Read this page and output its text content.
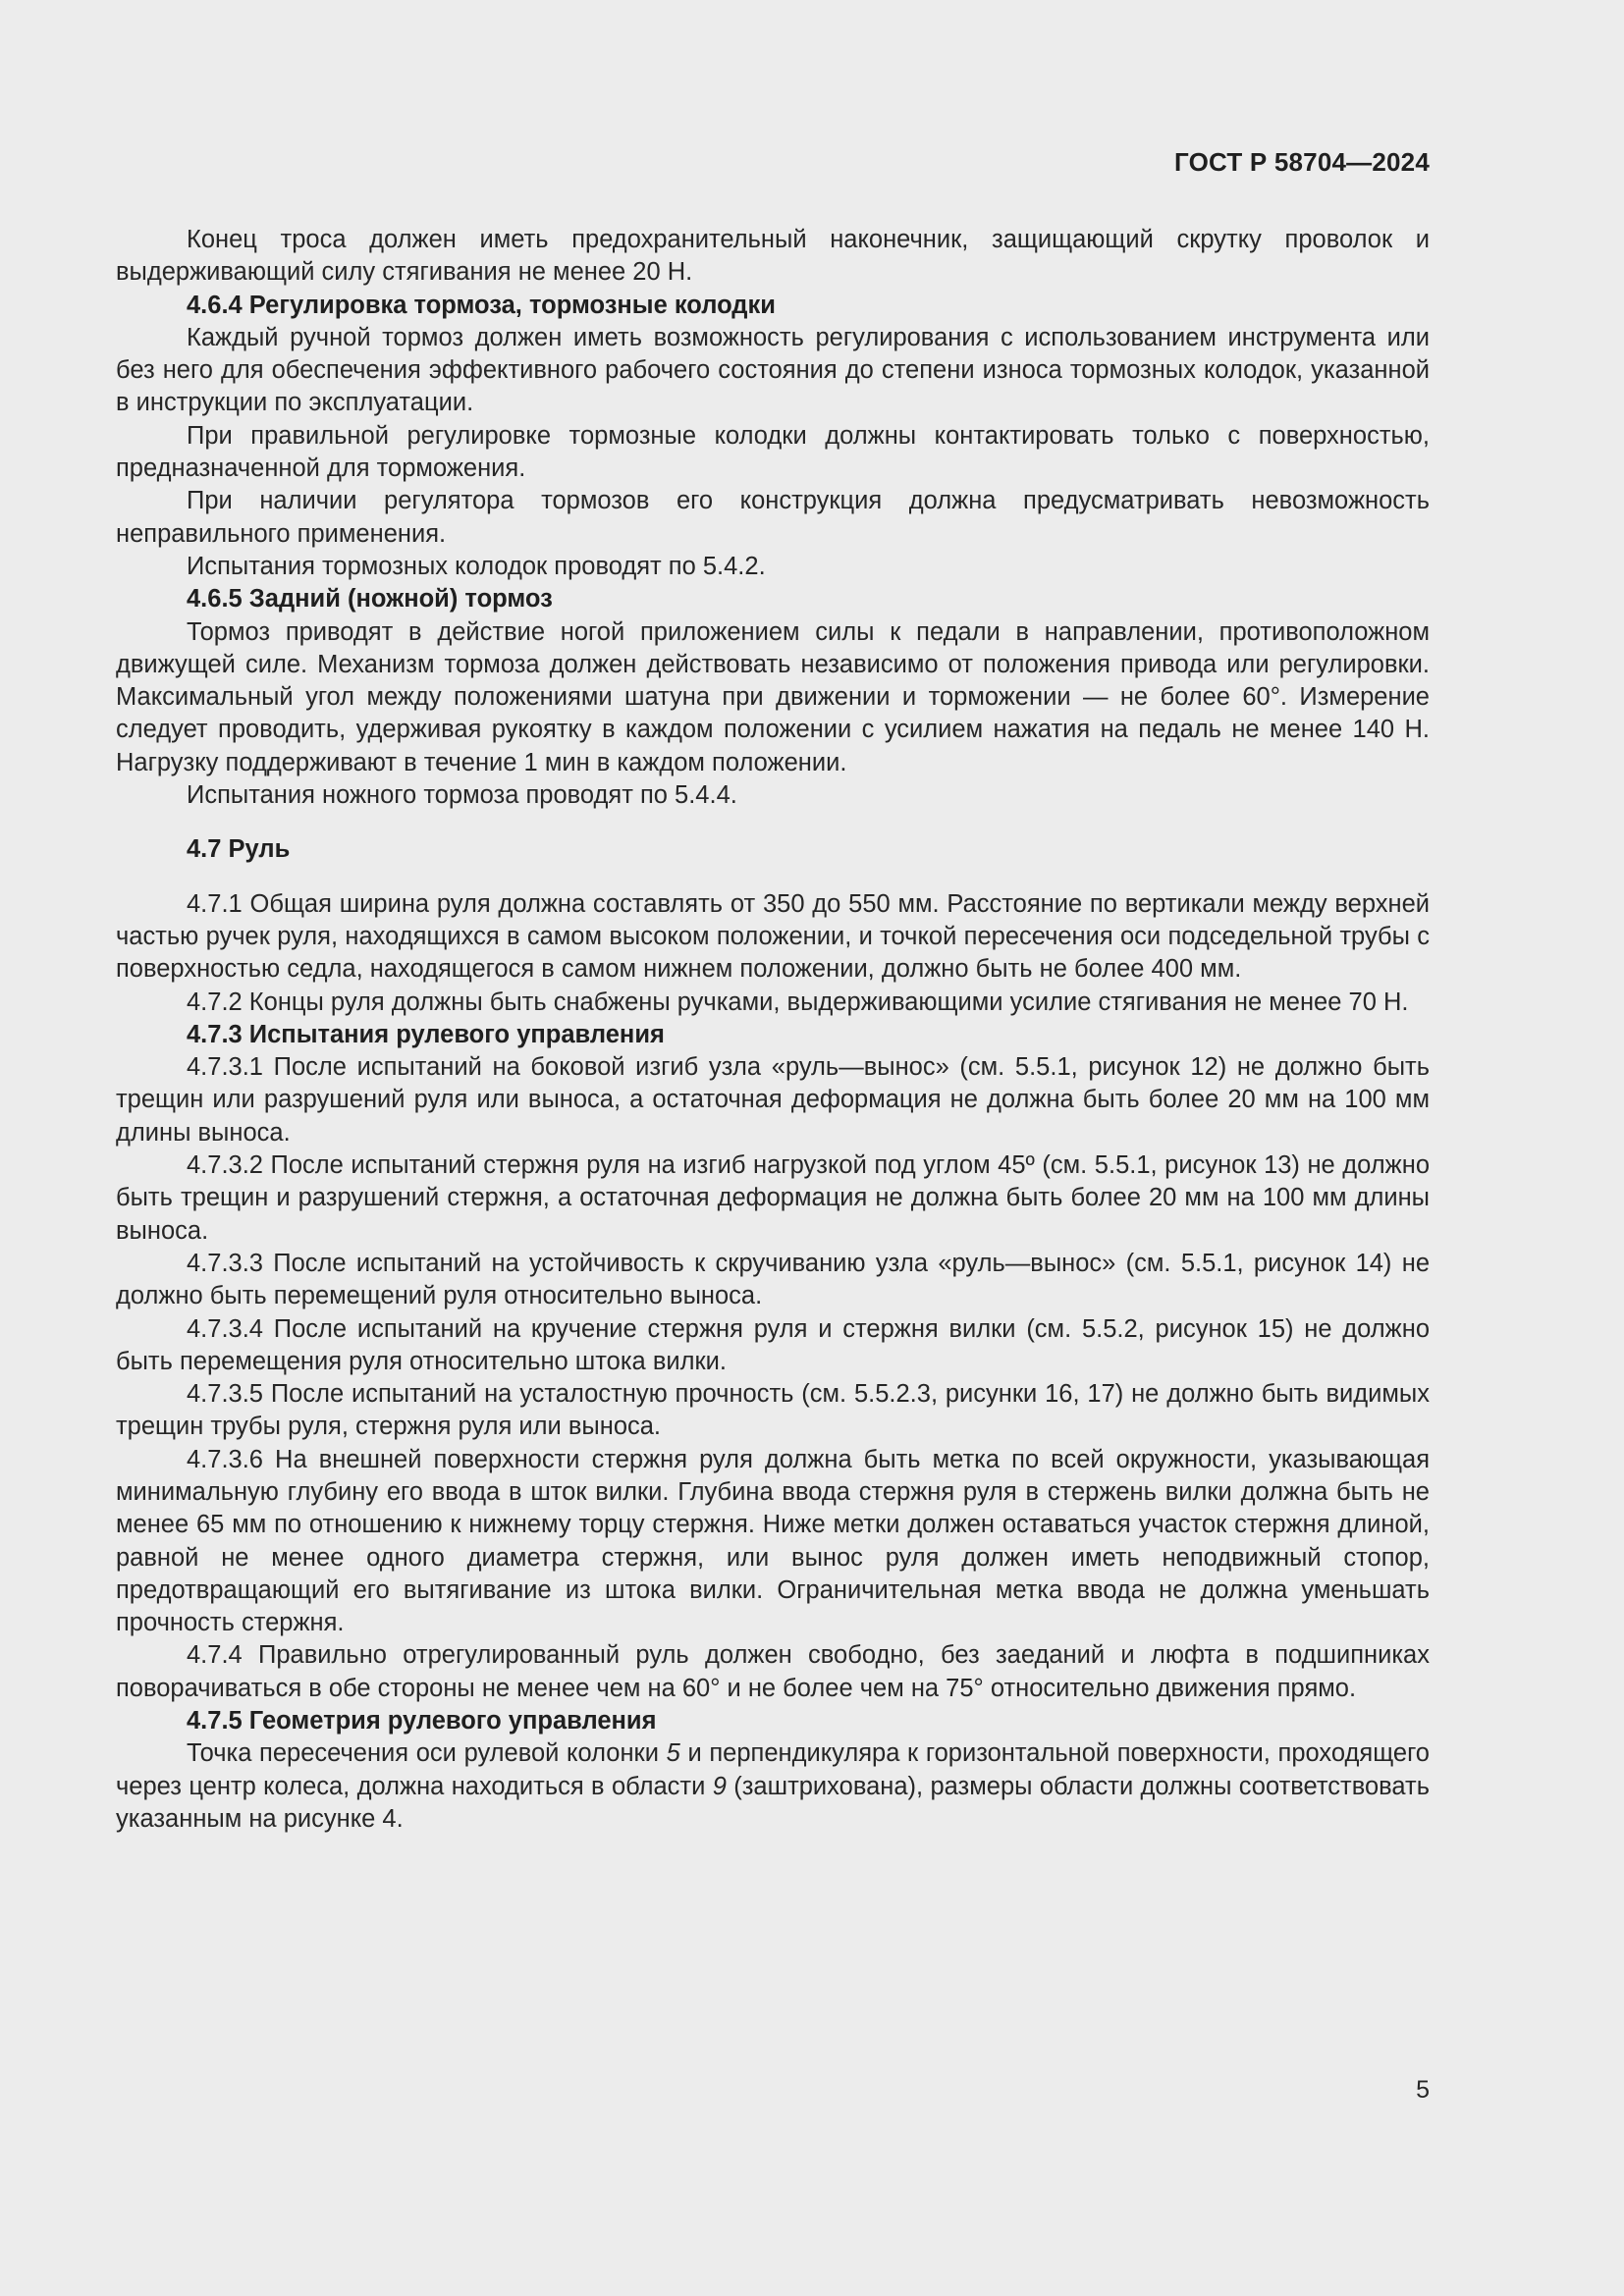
ГОСТ Р 58704—2024

Конец троса должен иметь предохранительный наконечник, защищающий скрутку проволок и выдерживающий силу стягивания не менее 20 Н.

4.6.4 Регулировка тормоза, тормозные колодки

Каждый ручной тормоз должен иметь возможность регулирования с использованием инструмента или без него для обеспечения эффективного рабочего состояния до степени износа тормозных колодок, указанной в инструкции по эксплуатации.

При правильной регулировке тормозные колодки должны контактировать только с поверхностью, предназначенной для торможения.

При наличии регулятора тормозов его конструкция должна предусматривать невозможность неправильного применения.

Испытания тормозных колодок проводят по 5.4.2.

4.6.5 Задний (ножной) тормоз

Тормоз приводят в действие ногой приложением силы к педали в направлении, противоположном движущей силе. Механизм тормоза должен действовать независимо от положения привода или регулировки. Максимальный угол между положениями шатуна при движении и торможении — не более 60°. Измерение следует проводить, удерживая рукоятку в каждом положении с усилием нажатия на педаль не менее 140 Н. Нагрузку поддерживают в течение 1 мин в каждом положении.

Испытания ножного тормоза проводят по 5.4.4.

4.7 Руль

4.7.1 Общая ширина руля должна составлять от 350 до 550 мм. Расстояние по вертикали между верхней частью ручек руля, находящихся в самом высоком положении, и точкой пересечения оси подседельной трубы с поверхностью седла, находящегося в самом нижнем положении, должно быть не более 400 мм.

4.7.2 Концы руля должны быть снабжены ручками, выдерживающими усилие стягивания не менее 70 Н.

4.7.3 Испытания рулевого управления

4.7.3.1 После испытаний на боковой изгиб узла «руль—вынос» (см. 5.5.1, рисунок 12) не должно быть трещин или разрушений руля или выноса, а остаточная деформация не должна быть более 20 мм на 100 мм длины выноса.

4.7.3.2 После испытаний стержня руля на изгиб нагрузкой под углом 45º (см. 5.5.1, рисунок 13) не должно быть трещин и разрушений стержня, а остаточная деформация не должна быть более 20 мм на 100 мм длины выноса.

4.7.3.3 После испытаний на устойчивость к скручиванию узла «руль—вынос» (см. 5.5.1, рисунок 14) не должно быть перемещений руля относительно выноса.

4.7.3.4 После испытаний на кручение стержня руля и стержня вилки (см. 5.5.2, рисунок 15) не должно быть перемещения руля относительно штока вилки.

4.7.3.5 После испытаний на усталостную прочность (см. 5.5.2.3, рисунки 16, 17) не должно быть видимых трещин трубы руля, стержня руля или выноса.

4.7.3.6 На внешней поверхности стержня руля должна быть метка по всей окружности, указывающая минимальную глубину его ввода в шток вилки. Глубина ввода стержня руля в стержень вилки должна быть не менее 65 мм по отношению к нижнему торцу стержня. Ниже метки должен оставаться участок стержня длиной, равной не менее одного диаметра стержня, или вынос руля должен иметь неподвижный стопор, предотвращающий его вытягивание из штока вилки. Ограничительная метка ввода не должна уменьшать прочность стержня.

4.7.4 Правильно отрегулированный руль должен свободно, без заеданий и люфта в подшипниках поворачиваться в обе стороны не менее чем на 60° и не более чем на 75° относительно движения прямо.

4.7.5 Геометрия рулевого управления

Точка пересечения оси рулевой колонки 5 и перпендикуляра к горизонтальной поверхности, проходящего через центр колеса, должна находиться в области 9 (заштрихована), размеры области должны соответствовать указанным на рисунке 4.

5
